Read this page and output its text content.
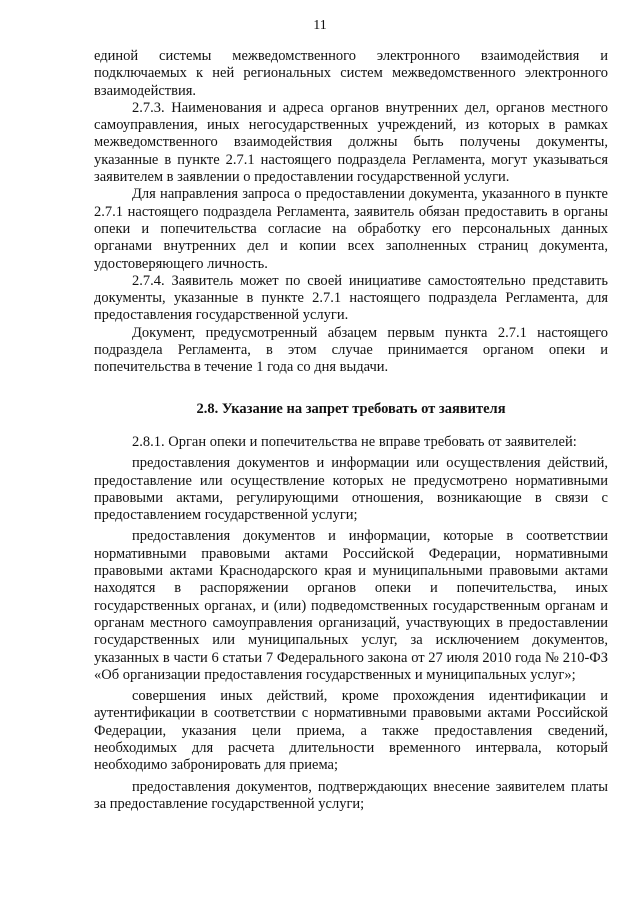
11

единой системы межведомственного электронного взаимодействия и подключаемых к ней региональных систем межведомственного электронного взаимодействия.

2.7.3. Наименования и адреса органов внутренних дел, органов местного самоуправления, иных негосударственных учреждений, из которых в рамках межведомственного взаимодействия должны быть получены документы, указанные в пункте 2.7.1 настоящего подраздела Регламента, могут указываться заявителем в заявлении о предоставлении государственной услуги.

Для направления запроса о предоставлении документа, указанного в пункте 2.7.1 настоящего подраздела Регламента, заявитель обязан предоставить в органы опеки и попечительства согласие на обработку его персональных данных органами внутренних дел и копии всех заполненных страниц документа, удостоверяющего личность.

2.7.4. Заявитель может по своей инициативе самостоятельно представить документы, указанные в пункте 2.7.1 настоящего подраздела Регламента, для предоставления государственной услуги.

Документ, предусмотренный абзацем первым пункта 2.7.1 настоящего подраздела Регламента, в этом случае принимается органом опеки и попечительства в течение 1 года со дня выдачи.

2.8. Указание на запрет требовать от заявителя

2.8.1. Орган опеки и попечительства не вправе требовать от заявителей:

предоставления документов и информации или осуществления действий, предоставление или осуществление которых не предусмотрено нормативными правовыми актами, регулирующими отношения, возникающие в связи с предоставлением государственной услуги;

предоставления документов и информации, которые в соответствии нормативными правовыми актами Российской Федерации, нормативными правовыми актами Краснодарского края и муниципальными правовыми актами находятся в распоряжении органов опеки и попечительства, иных государственных органах, и (или) подведомственных государственным органам и органам местного самоуправления организаций, участвующих в предоставлении государственных или муниципальных услуг, за исключением документов, указанных в части 6 статьи 7 Федерального закона от 27 июля 2010 года № 210-ФЗ «Об организации предоставления государственных и муниципальных услуг»;

совершения иных действий, кроме прохождения идентификации и аутентификации в соответствии с нормативными правовыми актами Российской Федерации, указания цели приема, а также предоставления сведений, необходимых для расчета длительности временного интервала, который необходимо забронировать для приема;

предоставления документов, подтверждающих внесение заявителем платы за предоставление государственной услуги;
